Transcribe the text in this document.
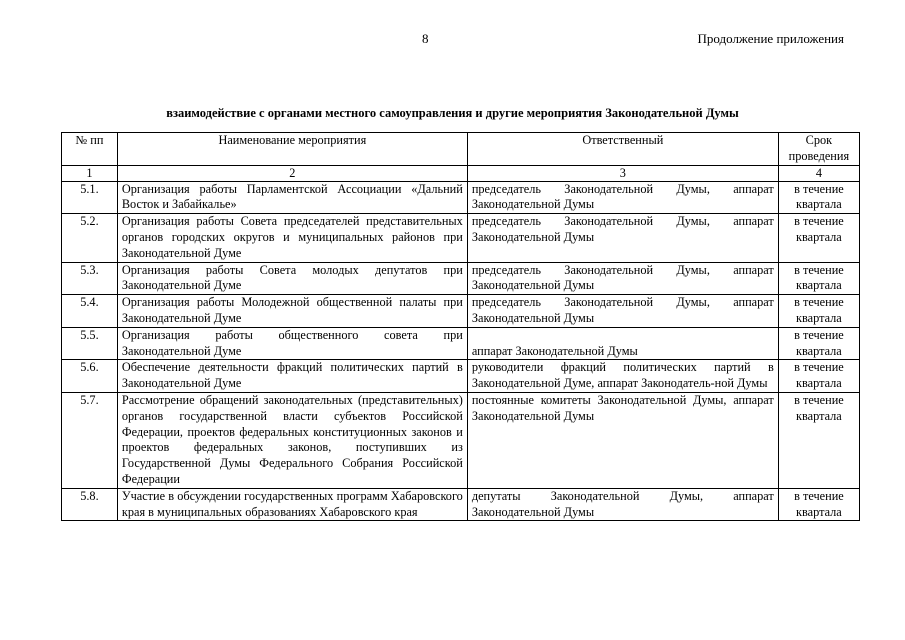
8	Продолжение приложения
взаимодействие с органами местного самоуправления и другие мероприятия Законодательной Думы
№ пп	Наименование мероприятия	Ответственный	Срок проведения
1	2	3	4
5.1.	Организация работы Парламентской Ассоциации «Дальний Восток и Забайкалье»	председатель Законодательной Думы, аппарат Законодательной Думы	в течение квартала
5.2.	Организация работы Совета председателей представительных органов городских округов и муниципальных районов при Законодательной Думе	председатель Законодательной Думы, аппарат Законодательной Думы	в течение квартала
5.3.	Организация работы Совета молодых депутатов при Законодательной Думе	председатель Законодательной Думы, аппарат Законодательной Думы	в течение квартала
5.4.	Организация работы Молодежной общественной палаты при Законодательной Думе	председатель Законодательной Думы, аппарат Законодательной Думы	в течение квартала
5.5.	Организация работы общественного совета при Законодательной Думе	аппарат Законодательной Думы	в течение квартала
5.6.	Обеспечение деятельности фракций политических партий в Законодательной Думе	руководители фракций политических партий в Законодательной Думе, аппарат Законодатель-ной Думы	в течение квартала
5.7.	Рассмотрение обращений законодательных (представительных) органов государственной власти субъектов Российской Федерации, проектов федеральных конституционных законов и проектов федеральных законов, поступивших из Государственной Думы Федерального Собрания Российской Федерации	постоянные комитеты Законодательной Думы, аппарат Законодательной Думы	в течение квартала
5.8.	Участие в обсуждении государственных программ Хабаровского края в муниципальных образованиях Хабаровского края	депутаты Законодательной Думы, аппарат Законодательной Думы	в течение квартала
